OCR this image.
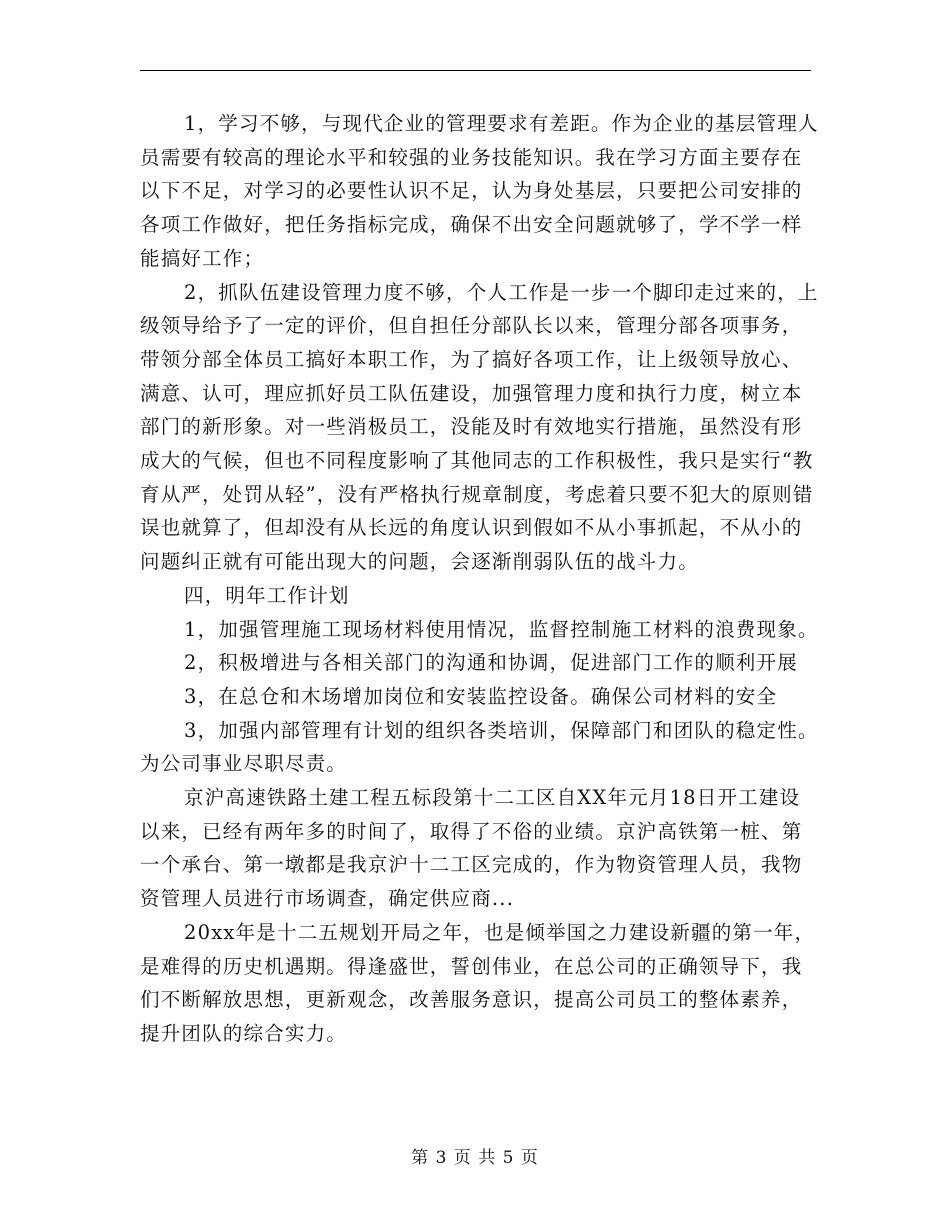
1，学习不够，与现代企业的管理要求有差距。作为企业的基层管理人员需要有较高的理论水平和较强的业务技能知识。我在学习方面主要存在以下不足，对学习的必要性认识不足，认为身处基层，只要把公司安排的各项工作做好，把任务指标完成，确保不出安全问题就够了，学不学一样能搞好工作；

2，抓队伍建设管理力度不够，个人工作是一步一个脚印走过来的，上级领导给予了一定的评价，但自担任分部队长以来，管理分部各项事务，带领分部全体员工搞好本职工作，为了搞好各项工作，让上级领导放心、满意、认可，理应抓好员工队伍建设，加强管理力度和执行力度，树立本部门的新形象。对一些消极员工，没能及时有效地实行措施，虽然没有形成大的气候，但也不同程度影响了其他同志的工作积极性，我只是实行“教育从严，处罚从轻”，没有严格执行规章制度，考虑着只要不犯大的原则错误也就算了，但却没有从长远的角度认识到假如不从小事抓起，不从小的问题纠正就有可能出现大的问题，会逐渐削弱队伍的战斗力。

四，明年工作计划

1，加强管理施工现场材料使用情况，监督控制施工材料的浪费现象。

2，积极增进与各相关部门的沟通和协调，促进部门工作的顺利开展

3，在总仓和木场增加岗位和安装监控设备。确保公司材料的安全

3，加强内部管理有计划的组织各类培训，保障部门和团队的稳定性。为公司事业尽职尽责。

京沪高速铁路土建工程五标段第十二工区自XX年元月18日开工建设以来，已经有两年多的时间了，取得了不俗的业绩。京沪高铁第一桩、第一个承台、第一墩都是我京沪十二工区完成的，作为物资管理人员，我物资管理人员进行市场调查，确定供应商...

20xx年是十二五规划开局之年，也是倾举国之力建设新疆的第一年，是难得的历史机遇期。得逢盛世，誓创伟业，在总公司的正确领导下，我们不断解放思想，更新观念，改善服务意识，提高公司员工的整体素养，提升团队的综合实力。

第 3 页 共 5 页
